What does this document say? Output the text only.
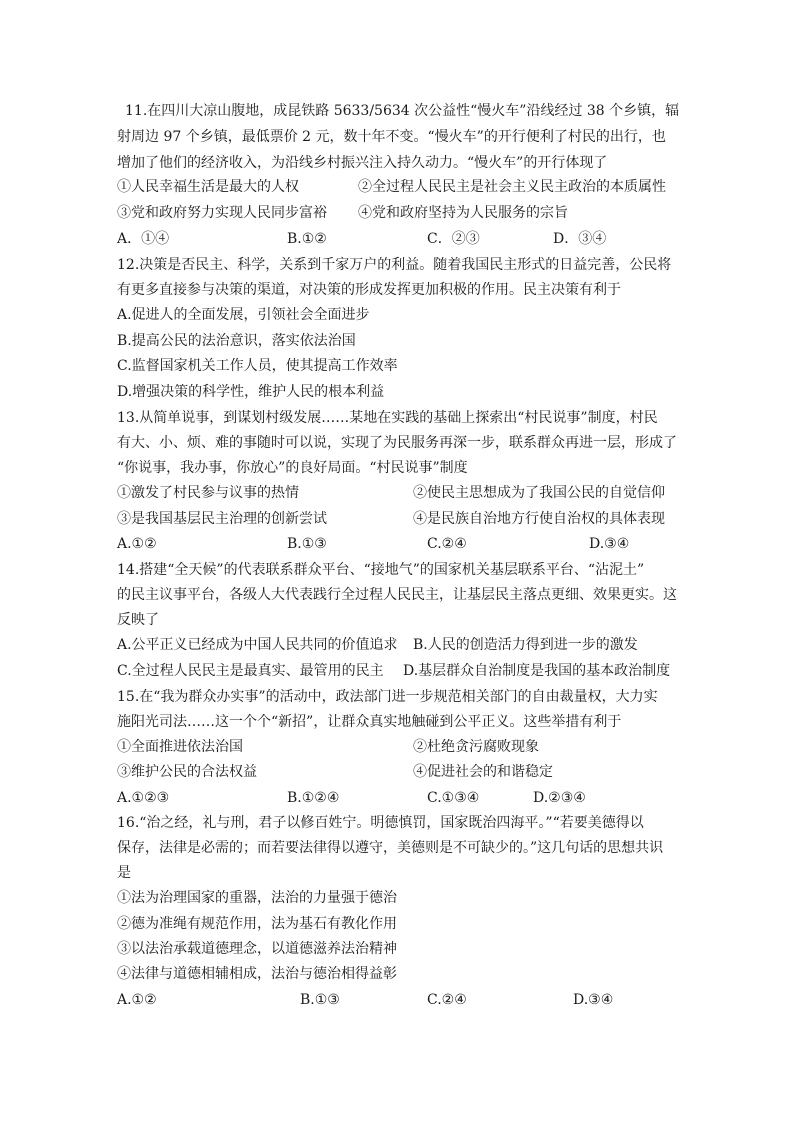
11.在四川大凉山腹地，成昆铁路 5633/5634 次公益性“慢火车”沿线经过 38 个乡镇，辐
射周边 97 个乡镇，最低票价 2 元，数十年不变。“慢火车”的开行便利了村民的出行，也
增加了他们的经济收入，为沿线乡村振兴注入持久动力。“慢火车”的开行体现了
①人民幸福生活是最大的人权	②全过程人民民主是社会主义民主政治的本质属性
③党和政府努力实现人民同步富裕 ④党和政府坚持为人民服务的宗旨
A．①④	B.①②	C．②③	D．③④
12.决策是否民主、科学，关系到千家万户的利益。随着我国民主形式的日益完善，公民将
有更多直接参与决策的渠道，对决策的形成发挥更加积极的作用。民主决策有利于
A.促进人的全面发展，引领社会全面进步
B.提高公民的法治意识，落实依法治国
C.监督国家机关工作人员，使其提高工作效率
D.增强决策的科学性，维护人民的根本利益
13.从简单说事，到谋划村级发展……某地在实践的基础上探索出“村民说事”制度，村民
有大、小、烦、难的事随时可以说，实现了为民服务再深一步，联系群众再进一层，形成了
“你说事，我办事，你放心”的良好局面。“村民说事”制度
①激发了村民参与议事的热情	②使民主思想成为了我国公民的自觉信仰
③是我国基层民主治理的创新尝试	④是民族自治地方行使自治权的具体表现
A.①②	B.①③	C.②④	D.③④
14.搭建“全天候”的代表联系群众平台、“接地气”的国家机关基层联系平台、“沾泥土”
的民主议事平台，各级人大代表践行全过程人民民主，让基层民主落点更细、效果更实。这
反映了
A.公平正义已经成为中国人民共同的价值追求 B.人民的创造活力得到进一步的激发
C.全过程人民民主是最真实、最管用的民主 D.基层群众自治制度是我国的基本政治制度
15.在“我为群众办实事”的活动中，政法部门进一步规范相关部门的自由裁量权，大力实
施阳光司法……这一个个“新招”，让群众真实地触碰到公平正义。这些举措有利于
①全面推进依法治国	②杜绝贪污腐败现象
③维护公民的合法权益	④促进社会的和谐稳定
A.①②③	B.①②④	C.①③④	D.②③④
16.“治之经，礼与刑，君子以修百姓宁。明德慎罚，国家既治四海平。”“若要美德得以
保存，法律是必需的；而若要法律得以遵守，美德则是不可缺少的。”这几句话的思想共识
是
①法为治理国家的重器，法治的力量强于德治
②德为准绳有规范作用，法为基石有教化作用
③以法治承载道德理念，以道德滋养法治精神
④法律与道德相辅相成，法治与德治相得益彰
A.①②	B.①③	C.②④	D.③④
